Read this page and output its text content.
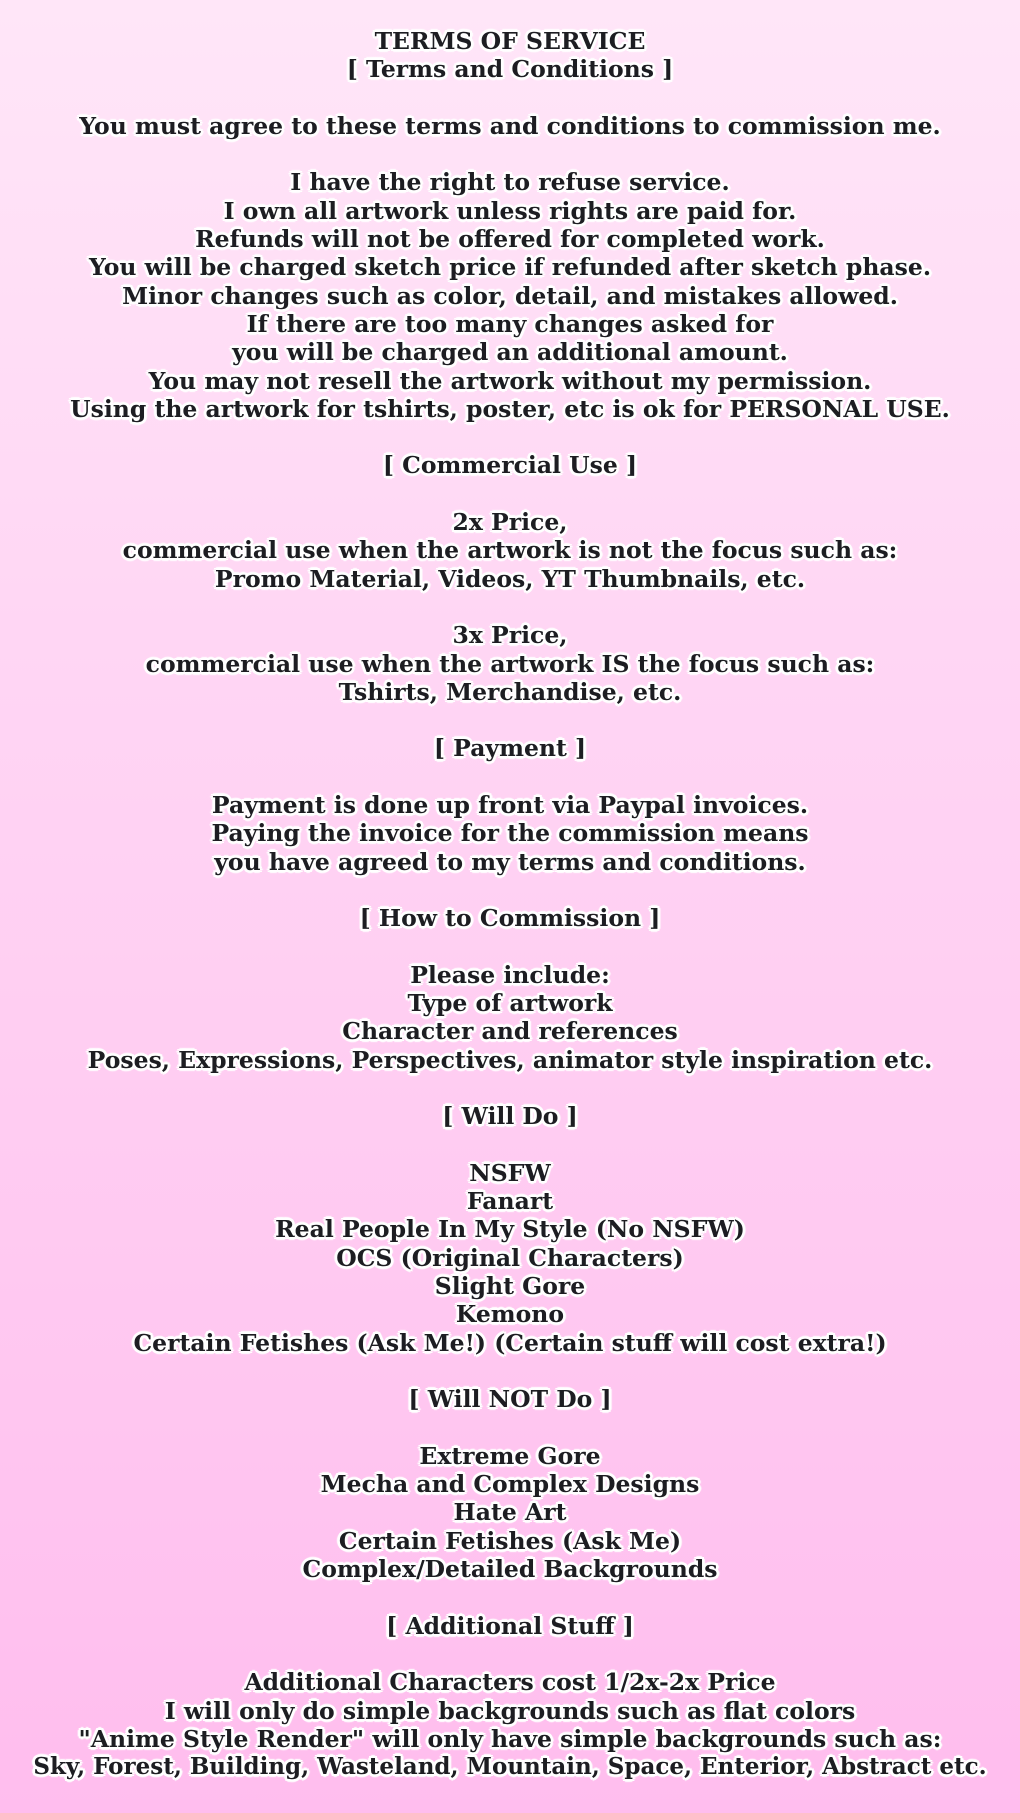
TERMS OF SERVICE
[ Terms and Conditions ]
You must agree to these terms and conditions to commission me.
I have the right to refuse service.
I own all artwork unless rights are paid for.
Refunds will not be offered for completed work.
You will be charged sketch price if refunded after sketch phase.
Minor changes such as color, detail, and mistakes allowed.
If there are too many changes asked for
you will be charged an additional amount.
You may not resell the artwork without my permission.
Using the artwork for tshirts, poster, etc is ok for PERSONAL USE.
[ Commercial Use ]
2x Price,
commercial use when the artwork is not the focus such as:
Promo Material, Videos, YT Thumbnails, etc.
3x Price,
commercial use when the artwork IS the focus such as:
Tshirts, Merchandise, etc.
[ Payment ]
Payment is done up front via Paypal invoices.
Paying the invoice for the commission means
you have agreed to my terms and conditions.
[ How to Commission ]
Please include:
Type of artwork
Character and references
Poses, Expressions, Perspectives, animator style inspiration etc.
[ Will Do ]
NSFW
Fanart
Real People In My Style (No NSFW)
OCS (Original Characters)
Slight Gore
Kemono
Certain Fetishes (Ask Me!) (Certain stuff will cost extra!)
[ Will NOT Do ]
Extreme Gore
Mecha and Complex Designs
Hate Art
Certain Fetishes (Ask Me)
Complex/Detailed Backgrounds
[ Additional Stuff ]
Additional Characters cost 1/2x-2x Price
I will only do simple backgrounds such as flat colors
"Anime Style Render" will only have simple backgrounds such as:
Sky, Forest, Building, Wasteland, Mountain, Space, Enterior, Abstract etc.
